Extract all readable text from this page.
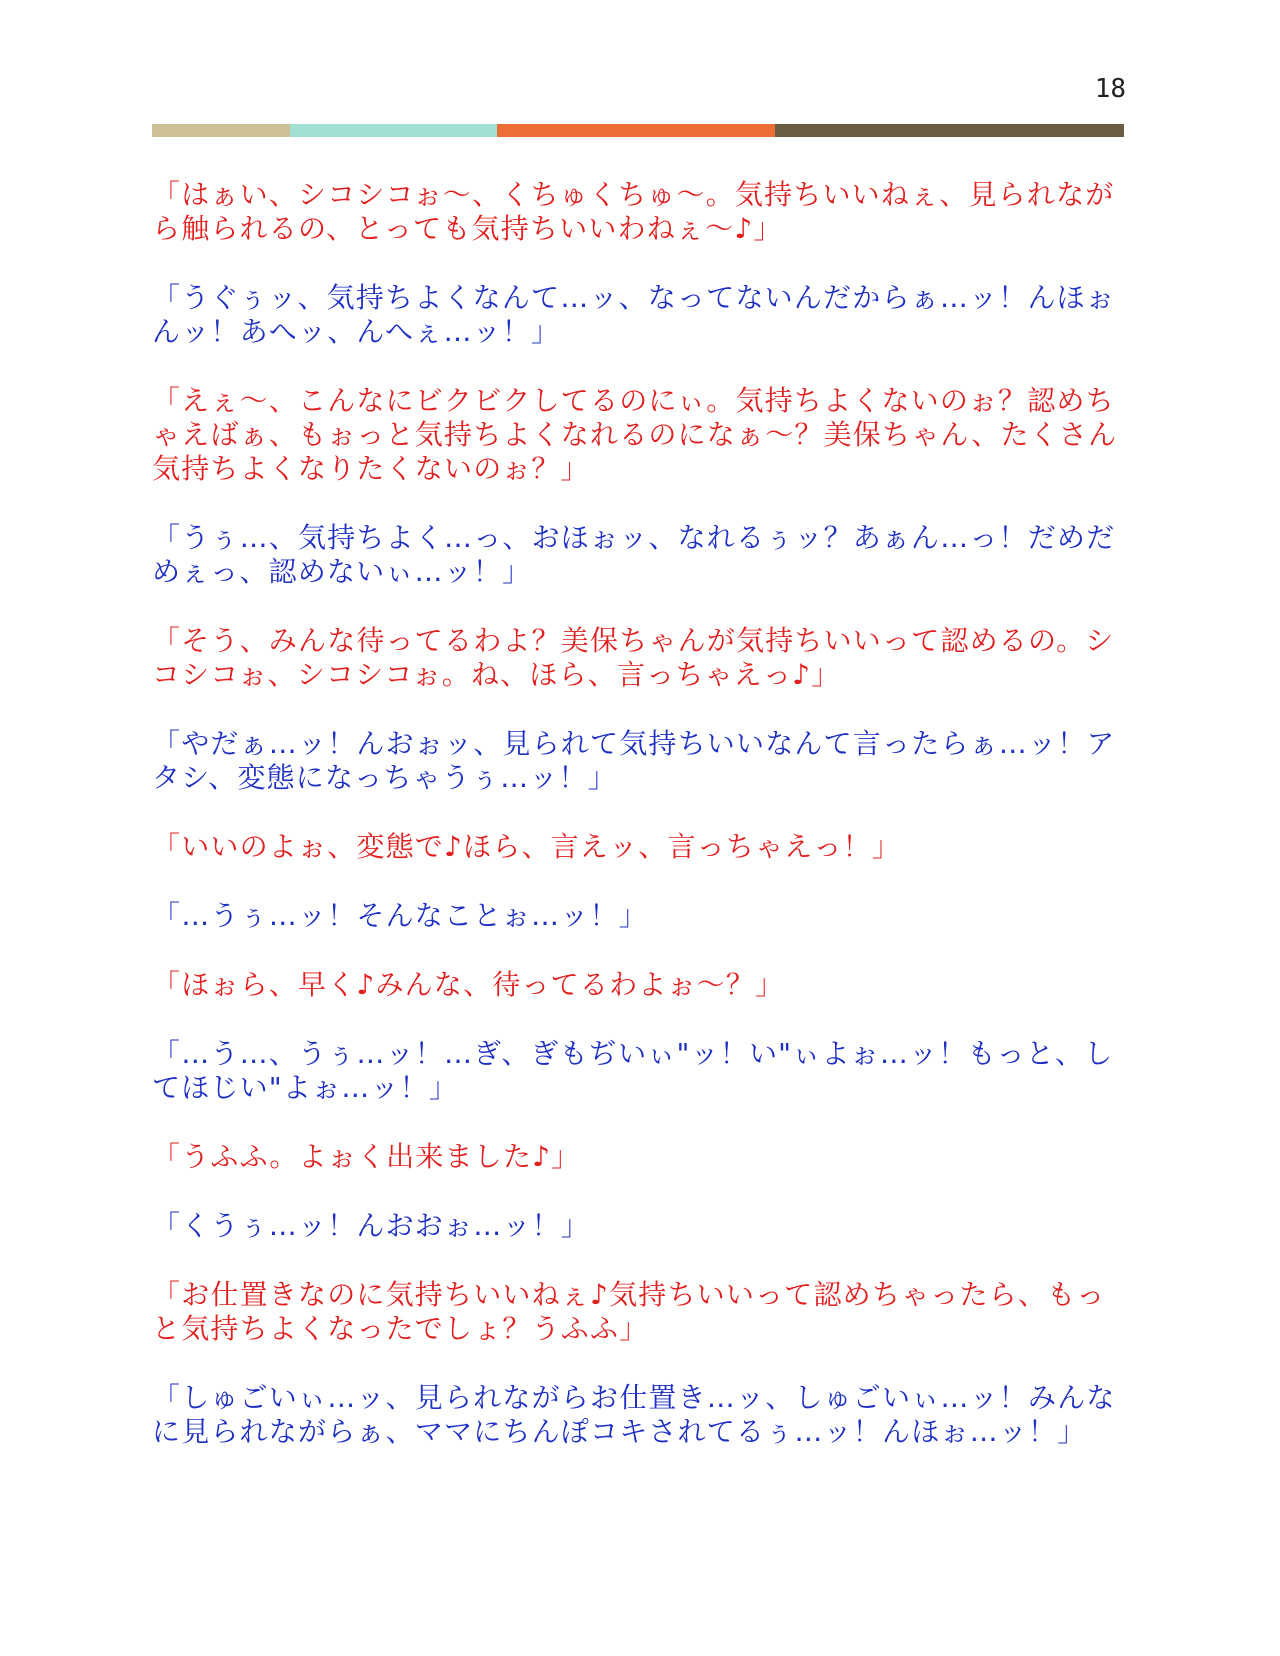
18

「はぁい、シコシコぉ～、くちゅくちゅ～。気持ちいいねぇ、見られながら触られるの、とっても気持ちいいわねぇ～♪」

「うぐぅッ、気持ちよくなんて…ッ、なってないんだからぁ…ッ！んほぉんッ！あへッ、んへぇ…ッ！」

「えぇ～、こんなにビクビクしてるのにぃ。気持ちよくないのぉ？認めちゃえばぁ、もぉっと気持ちよくなれるのになぁ～？美保ちゃん、たくさん気持ちよくなりたくないのぉ？」

「うぅ…、気持ちよく…っ、おほぉッ、なれるぅッ？あぁん…っ！だめだめぇっ、認めないぃ…ッ！」

「そう、みんな待ってるわよ？美保ちゃんが気持ちいいって認めるの。シコシコぉ、シコシコぉ。ね、ほら、言っちゃえっ♪」

「やだぁ…ッ！んおぉッ、見られて気持ちいいなんて言ったらぁ…ッ！アタシ、変態になっちゃうぅ…ッ！」

「いいのよぉ、変態で♪ほら、言えッ、言っちゃえっ！」

「…うぅ…ッ！そんなことぉ…ッ！」

「ほぉら、早く♪みんな、待ってるわよぉ～？」

「…う…、うぅ…ッ！…ぎ、ぎもぢいぃ"ッ！い"ぃよぉ…ッ！もっと、してほじい"よぉ…ッ！」

「うふふ。よぉく出来ました♪」

「くうぅ…ッ！んおおぉ…ッ！」

「お仕置きなのに気持ちいいねぇ♪気持ちいいって認めちゃったら、もっと気持ちよくなったでしょ？うふふ」

「しゅごいぃ…ッ、見られながらお仕置き…ッ、しゅごいぃ…ッ！みんなに見られながらぁ、ママにちんぽコキされてるぅ…ッ！んほぉ…ッ！」
